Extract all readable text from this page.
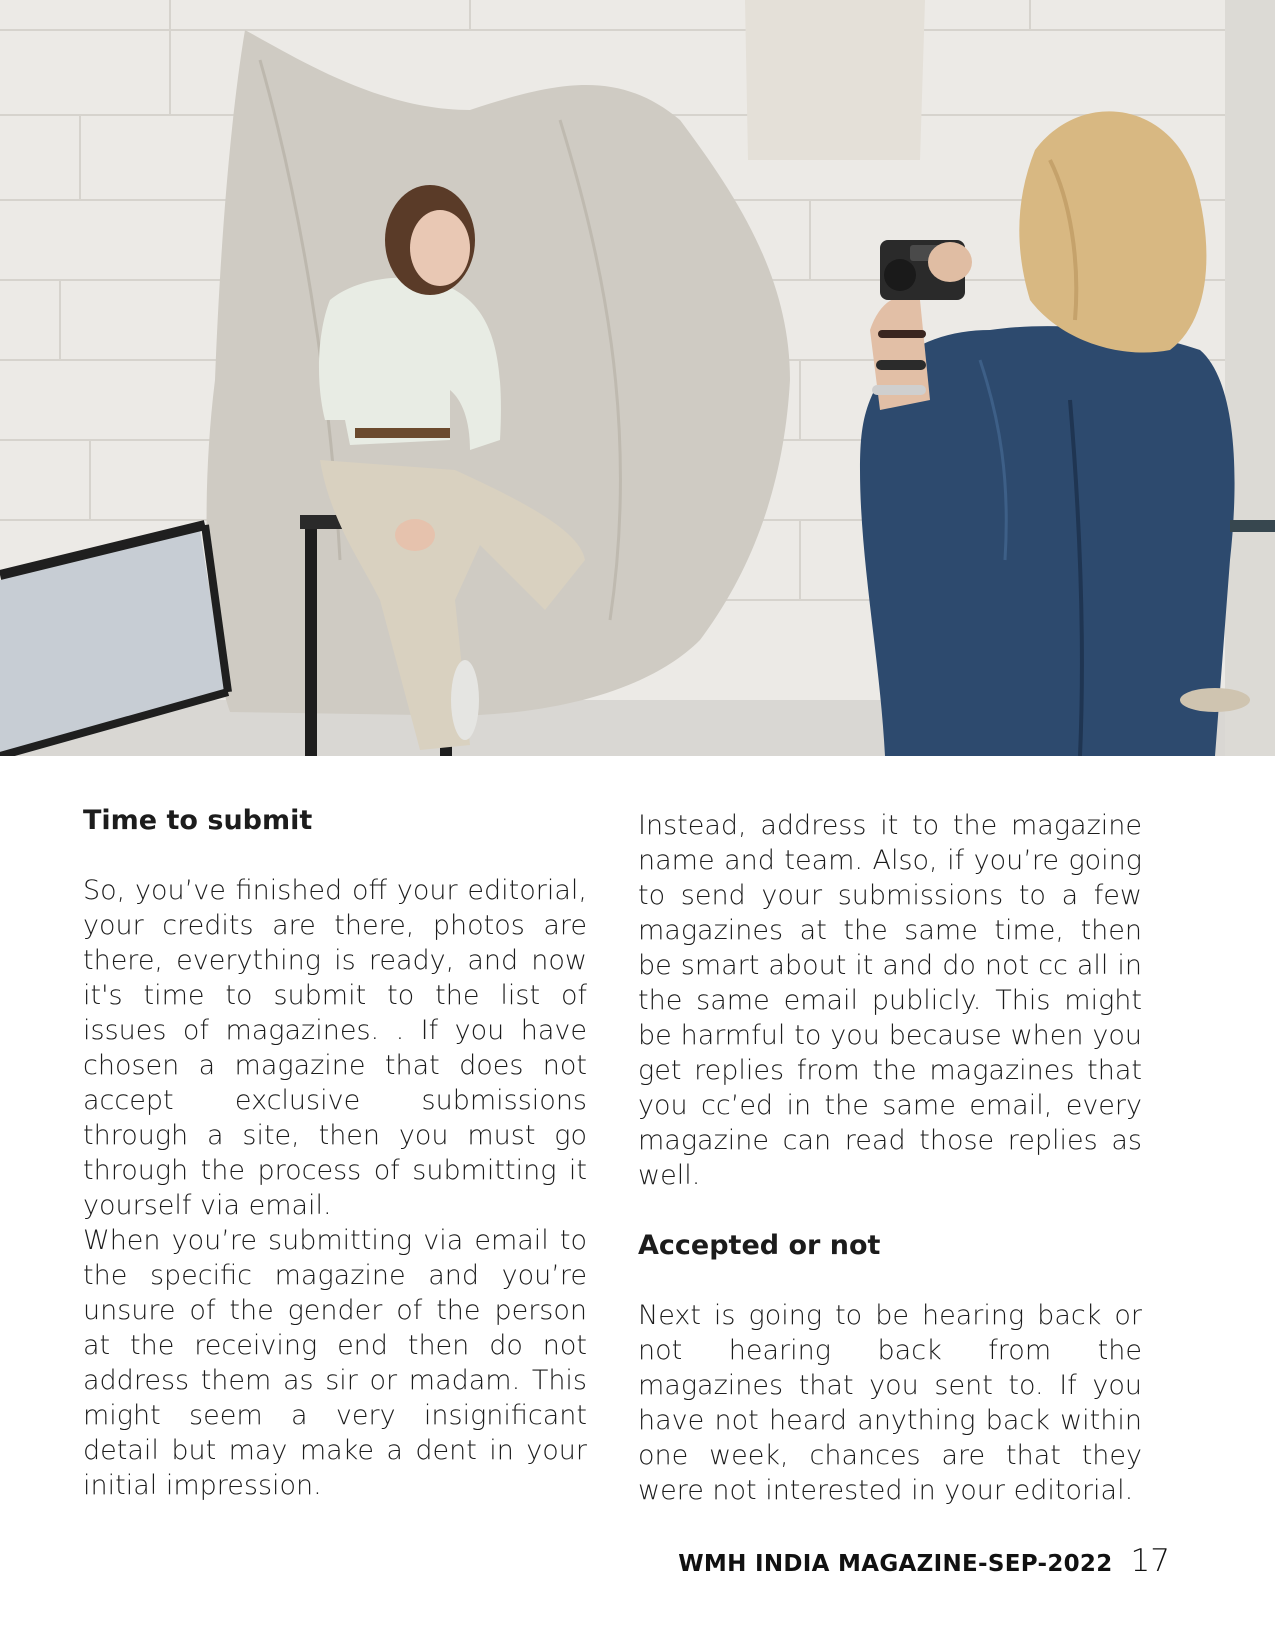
Time to submit

So, you’ve finished off your editorial, your credits are there, photos are there, everything is ready, and now it's time to submit to the list of issues of magazines. . If you have chosen a magazine that does not accept exclusive submissions through a site, then you must go through the process of submitting it yourself via email.

When you’re submitting via email to the specific magazine and you’re unsure of the gender of the person at the receiving end then do not address them as sir or madam. This might seem a very insignificant detail but may make a dent in your initial impression.

Instead, address it to the magazine name and team. Also, if you’re going to send your submissions to a few magazines at the same time, then be smart about it and do not cc all in the same email publicly. This might be harmful to you because when you get replies from the magazines that you cc’ed in the same email, every magazine can read those replies as well.

Accepted or not

Next is going to be hearing back or not hearing back from the magazines that you sent to. If you have not heard anything back within one week, chances are that they were not interested in your editorial.

WMH INDIA MAGAZINE-SEP-2022 17
